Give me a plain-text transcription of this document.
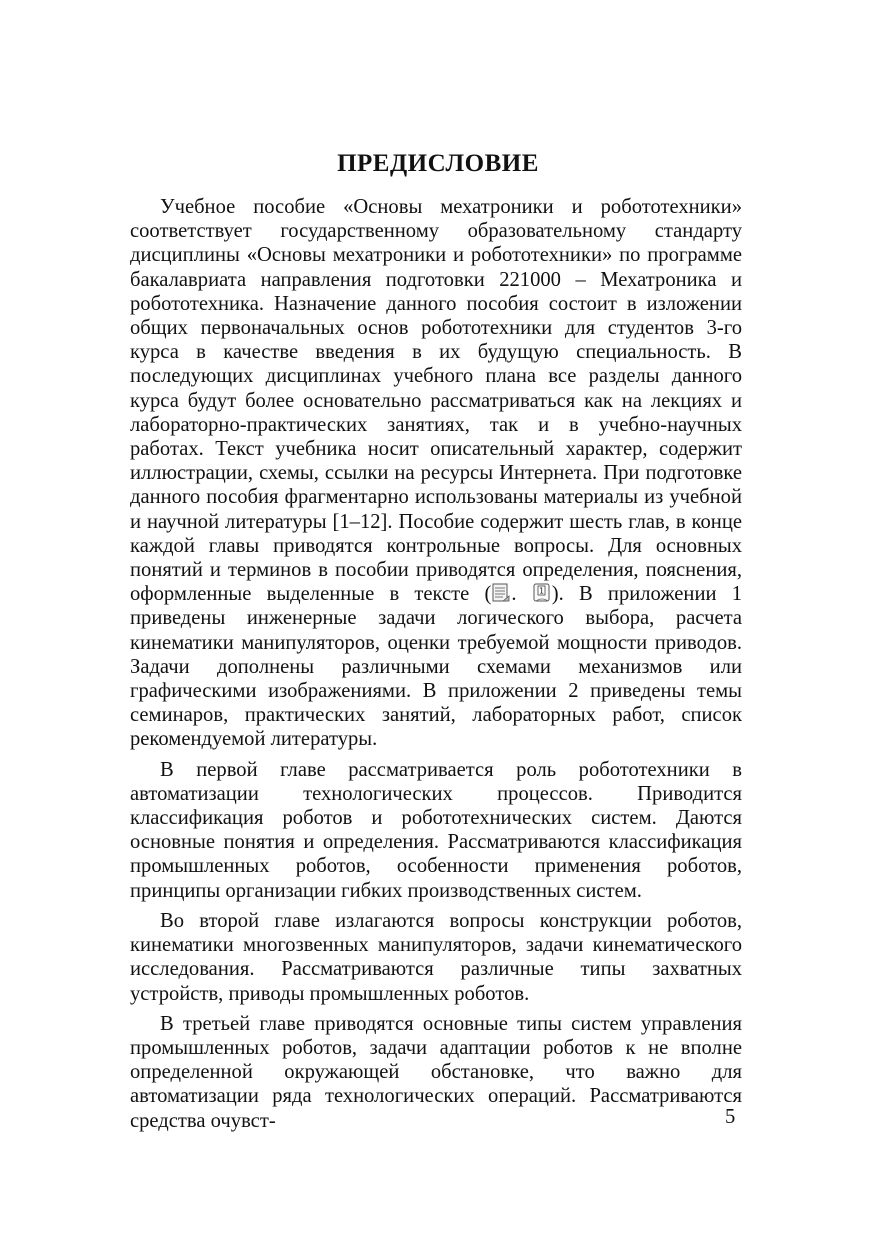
ПРЕДИСЛОВИЕ

Учебное пособие «Основы мехатроники и робототехники» соответствует государственному образовательному стандарту дисциплины «Основы мехатроники и робототехники» по программе бакалавриата направления подготовки 221000 – Мехатроника и робототехника. Назначение данного пособия состоит в изложении общих первоначальных основ робототехники для студентов 3-го курса в качестве введения в их будущую специальность. В последующих дисциплинах учебного плана все разделы данного курса будут более основательно рассматриваться как на лекциях и лабораторно-практических занятиях, так и в учебно-научных работах. Текст учебника носит описательный характер, содержит иллюстрации, схемы, ссылки на ресурсы Интернета. При подготовке данного пособия фрагментарно использованы материалы из учебной и научной литературы [1–12]. Пособие содержит шесть глав, в конце каждой главы приводятся контрольные вопросы. Для основных понятий и терминов в пособии приводятся определения, пояснения, оформленные выделенные в тексте ( . 1 ). В приложении 1 приведены инженерные задачи логического выбора, расчета кинематики манипуляторов, оценки требуемой мощности приводов. Задачи дополнены различными схемами механизмов или графическими изображениями. В приложении 2 приведены темы семинаров, практических занятий, лабораторных работ, список рекомендуемой литературы.

В первой главе рассматривается роль робототехники в автоматизации технологических процессов. Приводится классификация роботов и робототехнических систем. Даются основные понятия и определения. Рассматриваются классификация промышленных роботов, особенности применения роботов, принципы организации гибких производственных систем.

Во второй главе излагаются вопросы конструкции роботов, кинематики многозвенных манипуляторов, задачи кинематического исследования. Рассматриваются различные типы захватных устройств, приводы промышленных роботов.

В третьей главе приводятся основные типы систем управления промышленных роботов, задачи адаптации роботов к не вполне определенной окружающей обстановке, что важно для автоматизации ряда технологических операций. Рассматриваются средства очувст-	5
